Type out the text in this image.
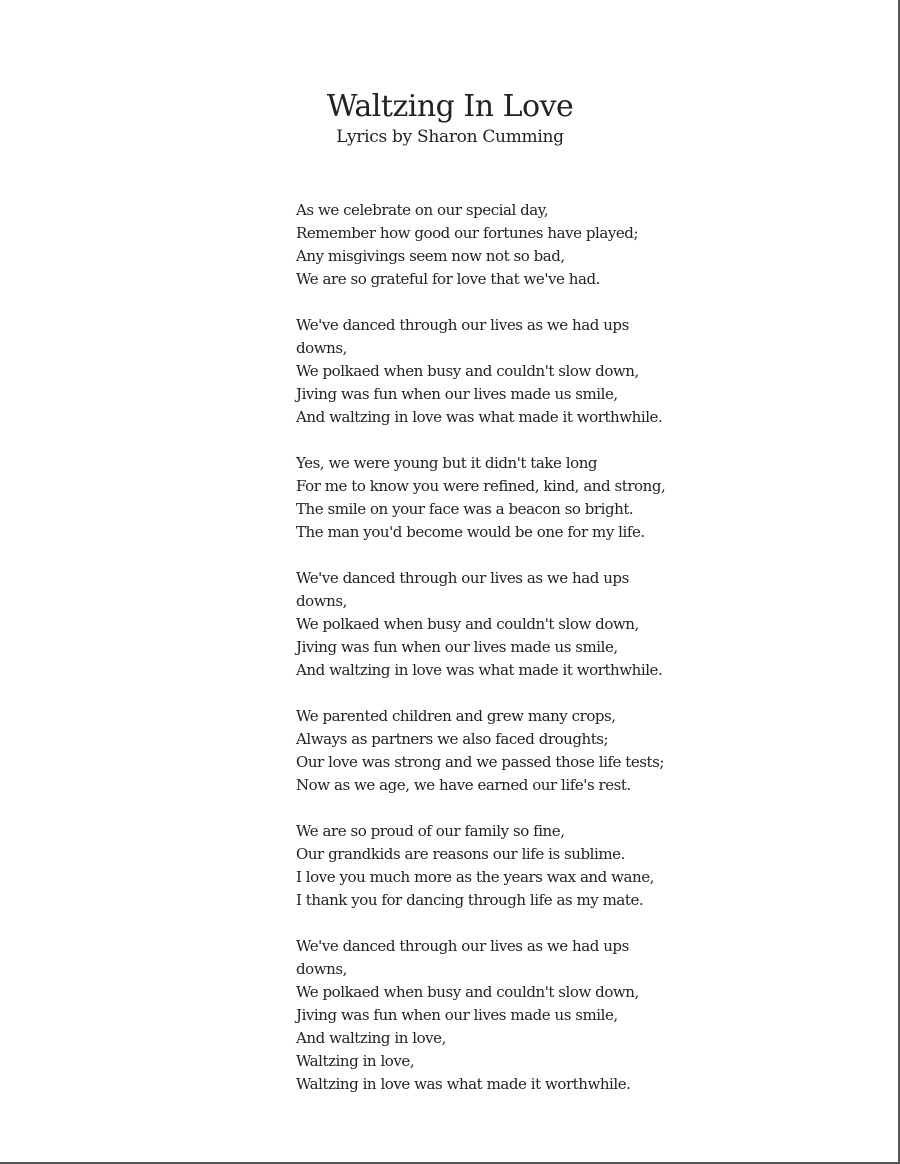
Waltzing In Love

Lyrics by Sharon Cumming

As we celebrate on our special day,
Remember how good our fortunes have played;
Any misgivings seem now not so bad,
We are so grateful for love that we've had.
We've danced through our lives as we had ups
downs,
We polkaed when busy and couldn't slow down,
Jiving was fun when our lives made us smile,
And waltzing in love was what made it worthwhile.
Yes, we were young but it didn't take long
For me to know you were refined, kind, and strong,
The smile on your face was a beacon so bright.
The man you'd become would be one for my life.
We've danced through our lives as we had ups
downs,
We polkaed when busy and couldn't slow down,
Jiving was fun when our lives made us smile,
And waltzing in love was what made it worthwhile.
We parented children and grew many crops,
Always as partners we also faced droughts;
Our love was strong and we passed those life tests;
Now as we age, we have earned our life's rest.
We are so proud of our family so fine,
Our grandkids are reasons our life is sublime.
I love you much more as the years wax and wane,
I thank you for dancing through life as my mate.
We've danced through our lives as we had ups
downs,
We polkaed when busy and couldn't slow down,
Jiving was fun when our lives made us smile,
And waltzing in love,
Waltzing in love,
Waltzing in love was what made it worthwhile.
